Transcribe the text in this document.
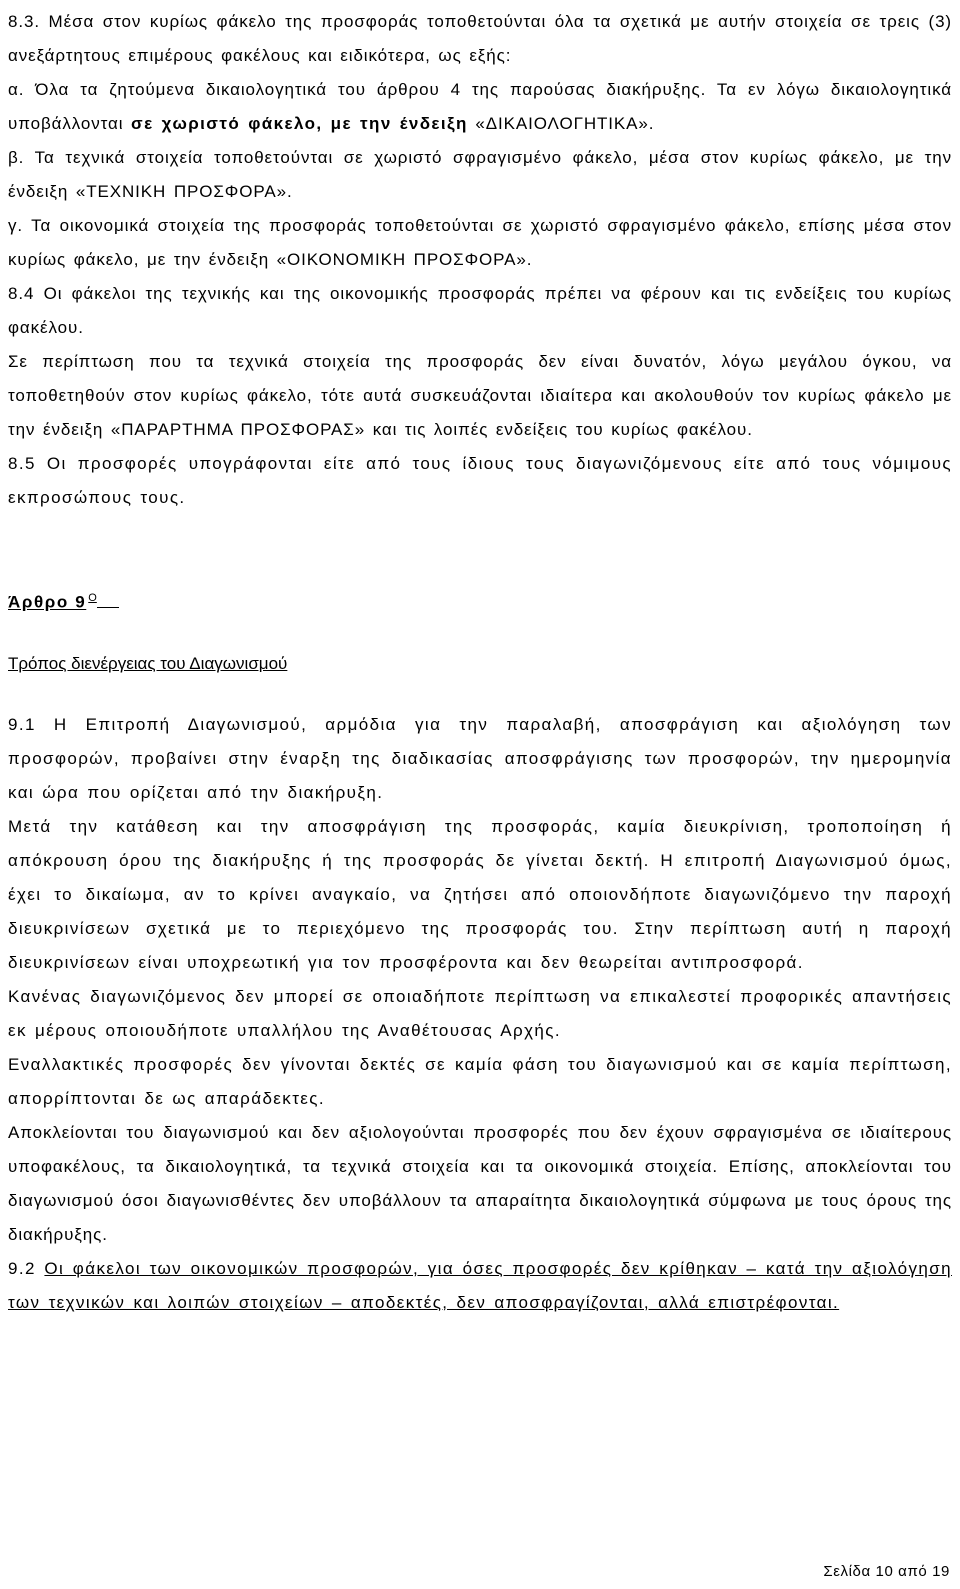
8.3. Μέσα στον κυρίως φάκελο της προσφοράς τοποθετούνται όλα τα σχετικά με αυτήν στοιχεία σε τρεις (3) ανεξάρτητους επιμέρους φακέλους και ειδικότερα, ως εξής:

α. Όλα τα ζητούμενα δικαιολογητικά του άρθρου 4 της παρούσας διακήρυξης. Τα εν λόγω δικαιολογητικά υποβάλλονται σε χωριστό φάκελο, με την ένδειξη «ΔΙΚΑΙΟΛΟΓΗΤΙΚΑ».

β. Τα τεχνικά στοιχεία τοποθετούνται σε χωριστό σφραγισμένο φάκελο, μέσα στον κυρίως φάκελο, με την ένδειξη «ΤΕΧΝΙΚΗ ΠΡΟΣΦΟΡΑ».

γ. Τα οικονομικά στοιχεία της προσφοράς τοποθετούνται σε χωριστό σφραγισμένο φάκελο, επίσης μέσα στον κυρίως φάκελο, με την ένδειξη «ΟΙΚΟΝΟΜΙΚΗ ΠΡΟΣΦΟΡΑ».

8.4 Οι φάκελοι της τεχνικής και της οικονομικής προσφοράς πρέπει να φέρουν και τις ενδείξεις του κυρίως φακέλου.

Σε περίπτωση που τα τεχνικά στοιχεία της προσφοράς δεν είναι δυνατόν, λόγω μεγάλου όγκου, να τοποθετηθούν στον κυρίως φάκελο, τότε αυτά συσκευάζονται ιδιαίτερα και ακολουθούν τον κυρίως φάκελο με την ένδειξη «ΠΑΡΑΡΤΗΜΑ ΠΡΟΣΦΟΡΑΣ» και τις λοιπές ενδείξεις του κυρίως φακέλου.

8.5 Οι προσφορές υπογράφονται είτε από τους ίδιους τους διαγωνιζόμενους είτε από τους νόμιμους εκπροσώπους τους.

Άρθρο 9 $^O$

Τρόπος διενέργειας του Διαγωνισμού

9.1 Η Επιτροπή Διαγωνισμού, αρμόδια για την παραλαβή, αποσφράγιση και αξιολόγηση των προσφορών, προβαίνει στην έναρξη της διαδικασίας αποσφράγισης των προσφορών, την ημερομηνία και ώρα που ορίζεται από την διακήρυξη.

Μετά την κατάθεση και την αποσφράγιση της προσφοράς, καμία διευκρίνιση, τροποποίηση ή απόκρουση όρου της διακήρυξης ή της προσφοράς δε γίνεται δεκτή. Η επιτροπή Διαγωνισμού όμως, έχει το δικαίωμα, αν το κρίνει αναγκαίο, να ζητήσει από οποιονδήποτε διαγωνιζόμενο την παροχή διευκρινίσεων σχετικά με το περιεχόμενο της προσφοράς του. Στην περίπτωση αυτή η παροχή διευκρινίσεων είναι υποχρεωτική για τον προσφέροντα και δεν θεωρείται αντιπροσφορά.

Κανένας διαγωνιζόμενος δεν μπορεί σε οποιαδήποτε περίπτωση να επικαλεστεί προφορικές απαντήσεις εκ μέρους οποιουδήποτε υπαλλήλου της Αναθέτουσας Αρχής.

Εναλλακτικές προσφορές δεν γίνονται δεκτές σε καμία φάση του διαγωνισμού και σε καμία περίπτωση, απορρίπτονται δε ως απαράδεκτες.

Αποκλείονται του διαγωνισμού και δεν αξιολογούνται προσφορές που δεν έχουν σφραγισμένα σε ιδιαίτερους υποφακέλους, τα δικαιολογητικά, τα τεχνικά στοιχεία και τα οικονομικά στοιχεία. Επίσης, αποκλείονται του διαγωνισμού όσοι διαγωνισθέντες δεν υποβάλλουν τα απαραίτητα δικαιολογητικά σύμφωνα με τους όρους της διακήρυξης.

9.2 Οι φάκελοι των οικονομικών προσφορών, για όσες προσφορές δεν κρίθηκαν – κατά την αξιολόγηση των τεχνικών και λοιπών στοιχείων – αποδεκτές, δεν αποσφραγίζονται, αλλά επιστρέφονται.

Σελίδα 10 από 19
